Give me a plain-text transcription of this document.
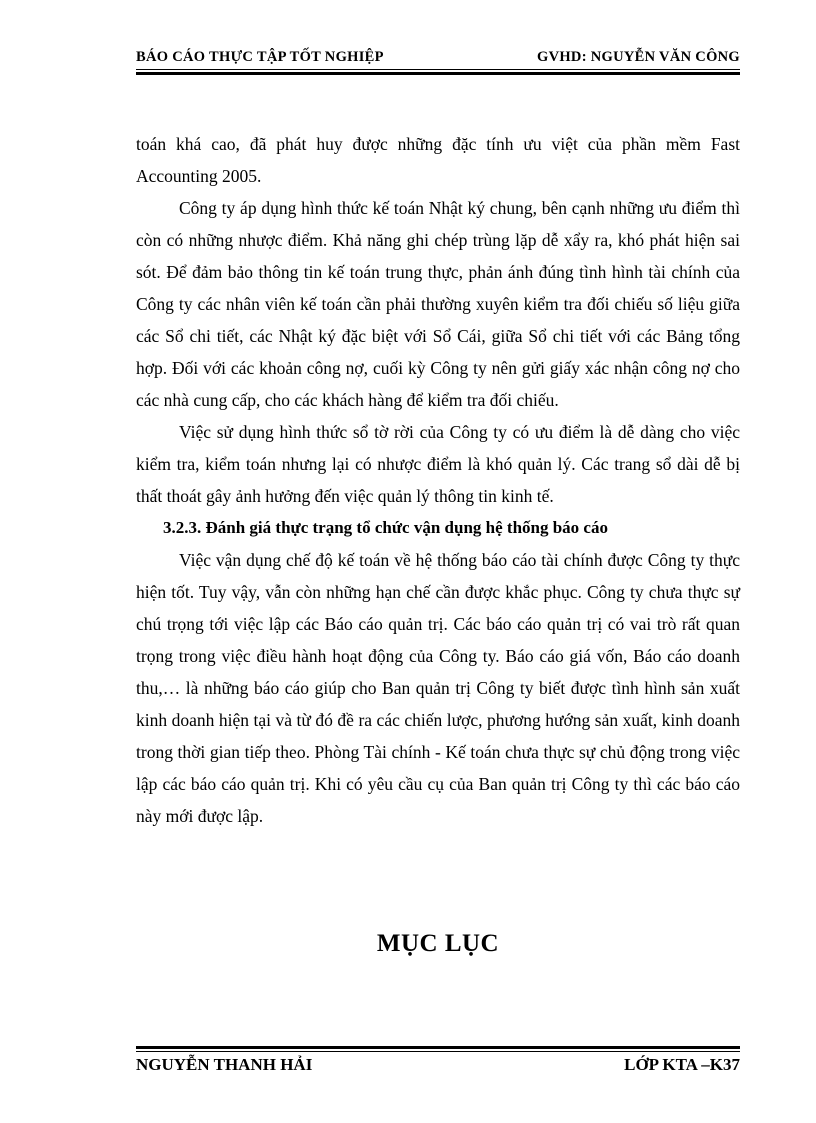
BÁO CÁO THỰC TẬP TỐT NGHIỆP	GVHD: NGUYỄN VĂN CÔNG

toán khá cao, đã phát huy được những đặc tính ưu việt của phần mềm Fast Accounting 2005.

Công ty áp dụng hình thức kế toán Nhật ký chung, bên cạnh những ưu điểm thì còn có những nhược điểm. Khả năng ghi chép trùng lặp dễ xẩy ra, khó phát hiện sai sót. Để đảm bảo thông tin kế toán trung thực, phản ánh đúng tình hình tài chính của Công ty các nhân viên kế toán cần phải thường xuyên kiểm tra đối chiếu số liệu giữa các Sổ chi tiết, các Nhật ký đặc biệt với Sổ Cái, giữa Sổ chi tiết với các Bảng tổng hợp. Đối với các khoản công nợ, cuối kỳ Công ty nên gửi giấy xác nhận công nợ cho các nhà cung cấp, cho các khách hàng để kiểm tra đối chiếu.

Việc sử dụng hình thức sổ tờ rời của Công ty có ưu điểm là dễ dàng cho việc kiểm tra, kiểm toán nhưng lại có nhược điểm là khó quản lý. Các trang sổ dài dễ bị thất thoát gây ảnh hưởng đến việc quản lý thông tin kinh tế.

3.2.3. Đánh giá thực trạng tổ chức vận dụng hệ thống báo cáo

Việc vận dụng chế độ kế toán về hệ thống báo cáo tài chính được Công ty thực hiện tốt. Tuy vậy, vẫn còn những hạn chế cần được khắc phục. Công ty chưa thực sự chú trọng tới việc lập các Báo cáo quản trị. Các báo cáo quản trị có vai trò rất quan trọng trong việc điều hành hoạt động của Công ty. Báo cáo giá vốn, Báo cáo doanh thu,… là những báo cáo giúp cho Ban quản trị Công ty biết được tình hình sản xuất kinh doanh hiện tại và từ đó đề ra các chiến lược, phương hướng sản xuất, kinh doanh trong thời gian tiếp theo. Phòng Tài chính - Kế toán chưa thực sự chủ động trong việc lập các báo cáo quản trị. Khi có yêu cầu cụ của Ban quản trị Công ty thì các báo cáo này mới được lập.

MỤC LỤC
NGUYỄN THANH HẢI	LỚP KTA –K37
